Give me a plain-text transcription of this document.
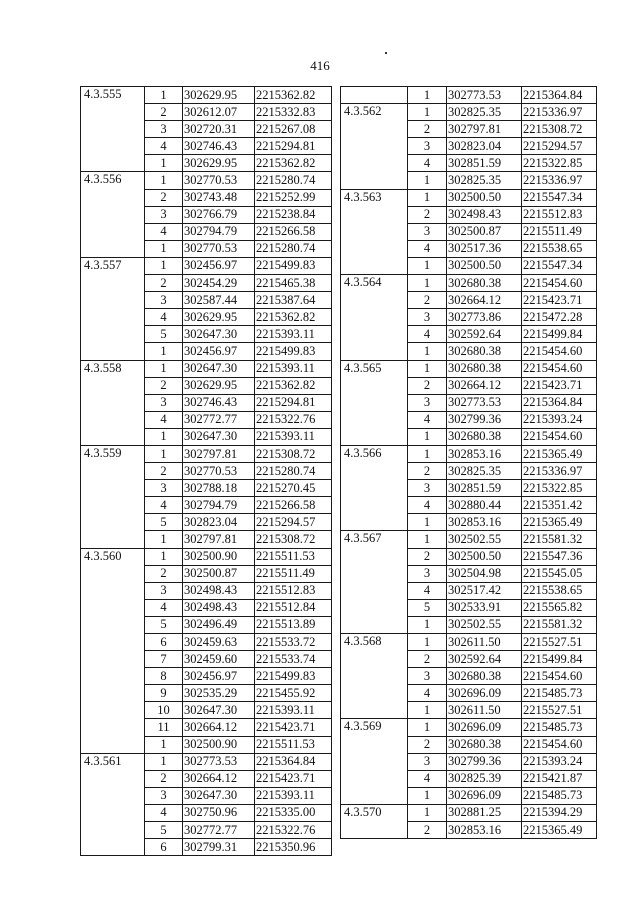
416
4.3.555	1	302629.95	2215362.82
	2	302612.07	2215332.83
	3	302720.31	2215267.08
	4	302746.43	2215294.81
	1	302629.95	2215362.82
4.3.556	1	302770.53	2215280.74
	2	302743.48	2215252.99
	3	302766.79	2215238.84
	4	302794.79	2215266.58
	1	302770.53	2215280.74
4.3.557	1	302456.97	2215499.83
	2	302454.29	2215465.38
	3	302587.44	2215387.64
	4	302629.95	2215362.82
	5	302647.30	2215393.11
	1	302456.97	2215499.83
4.3.558	1	302647.30	2215393.11
	2	302629.95	2215362.82
	3	302746.43	2215294.81
	4	302772.77	2215322.76
	1	302647.30	2215393.11
4.3.559	1	302797.81	2215308.72
	2	302770.53	2215280.74
	3	302788.18	2215270.45
	4	302794.79	2215266.58
	5	302823.04	2215294.57
	1	302797.81	2215308.72
4.3.560	1	302500.90	2215511.53
	2	302500.87	2215511.49
	3	302498.43	2215512.83
	4	302498.43	2215512.84
	5	302496.49	2215513.89
	6	302459.63	2215533.72
	7	302459.60	2215533.74
	8	302456.97	2215499.83
	9	302535.29	2215455.92
	10	302647.30	2215393.11
	11	302664.12	2215423.71
	1	302500.90	2215511.53
4.3.561	1	302773.53	2215364.84
	2	302664.12	2215423.71
	3	302647.30	2215393.11
	4	302750.96	2215335.00
	5	302772.77	2215322.76
	6	302799.31	2215350.96
	1	302773.53	2215364.84
4.3.562	1	302825.35	2215336.97
	2	302797.81	2215308.72
	3	302823.04	2215294.57
	4	302851.59	2215322.85
	1	302825.35	2215336.97
4.3.563	1	302500.50	2215547.34
	2	302498.43	2215512.83
	3	302500.87	2215511.49
	4	302517.36	2215538.65
	1	302500.50	2215547.34
4.3.564	1	302680.38	2215454.60
	2	302664.12	2215423.71
	3	302773.86	2215472.28
	4	302592.64	2215499.84
	1	302680.38	2215454.60
4.3.565	1	302680.38	2215454.60
	2	302664.12	2215423.71
	3	302773.53	2215364.84
	4	302799.36	2215393.24
	1	302680.38	2215454.60
4.3.566	1	302853.16	2215365.49
	2	302825.35	2215336.97
	3	302851.59	2215322.85
	4	302880.44	2215351.42
	1	302853.16	2215365.49
4.3.567	1	302502.55	2215581.32
	2	302500.50	2215547.36
	3	302504.98	2215545.05
	4	302517.42	2215538.65
	5	302533.91	2215565.82
	1	302502.55	2215581.32
4.3.568	1	302611.50	2215527.51
	2	302592.64	2215499.84
	3	302680.38	2215454.60
	4	302696.09	2215485.73
	1	302611.50	2215527.51
4.3.569	1	302696.09	2215485.73
	2	302680.38	2215454.60
	3	302799.36	2215393.24
	4	302825.39	2215421.87
	1	302696.09	2215485.73
4.3.570	1	302881.25	2215394.29
	2	302853.16	2215365.49
